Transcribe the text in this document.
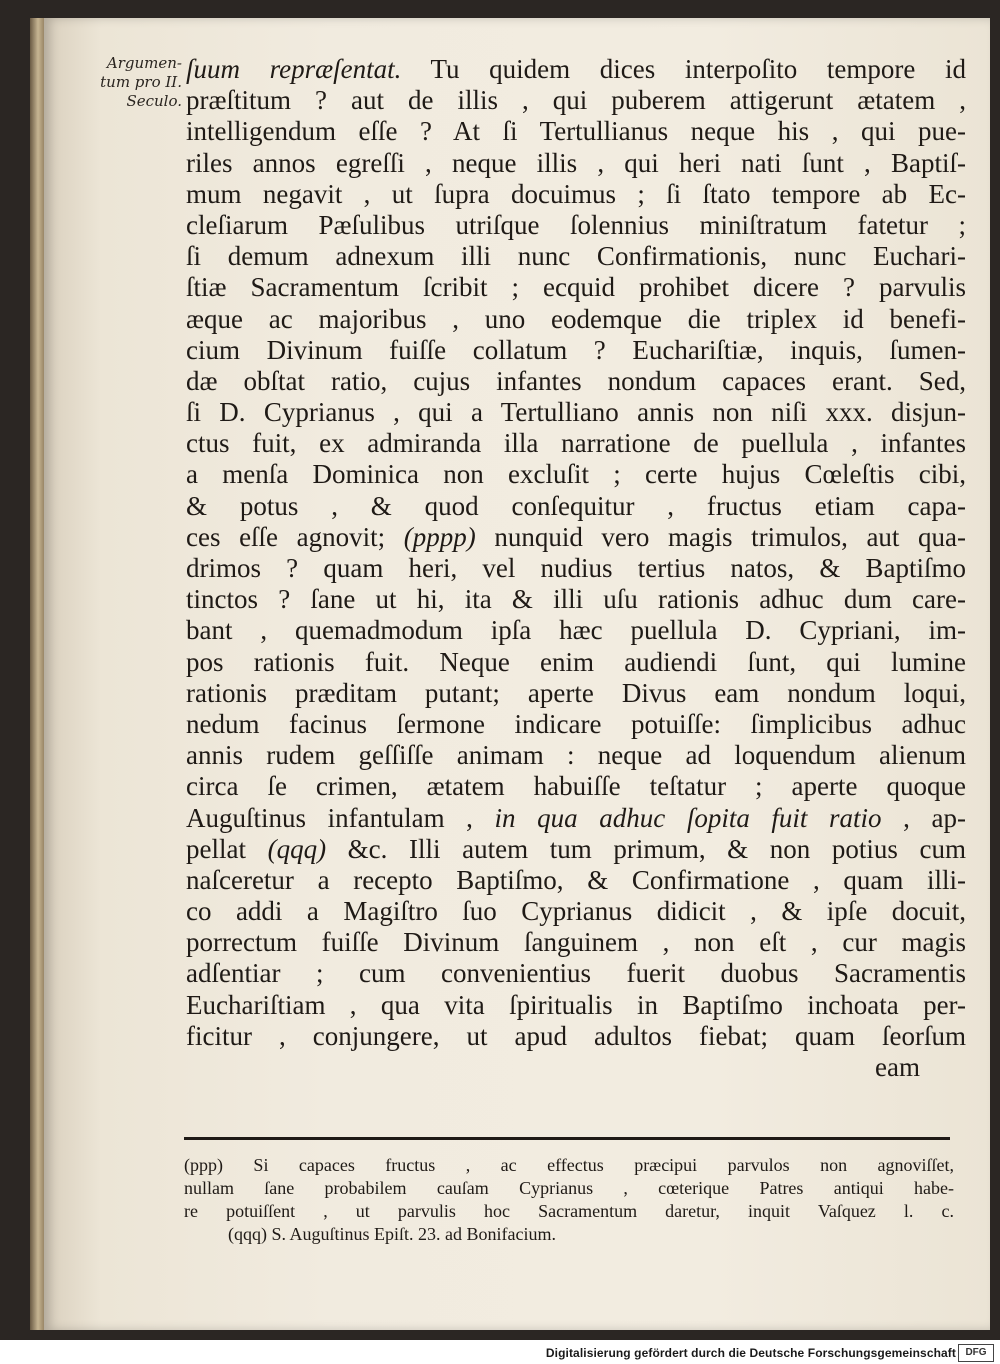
Argumen-
tum pro II.
Seculo.
ſuum repræſentat. Tu quidem dices interpoſito tempore id
præſtitum ? aut de illis , qui puberem attigerunt ætatem ,
intelligendum eſſe ? At ſi Tertullianus neque his , qui pue-
riles annos egreſſi , neque illis , qui heri nati ſunt , Baptiſ-
mum negavit , ut ſupra docuimus ; ſi ſtato tempore ab Ec-
cleſiarum Pæſulibus utriſque ſolennius miniſtratum fatetur ;
ſi demum adnexum illi nunc Confirmationis, nunc Euchari-
ſtiæ Sacramentum ſcribit ; ecquid prohibet dicere ? parvulis
æque ac majoribus , uno eodemque die triplex id benefi-
cium Divinum fuiſſe collatum ? Euchariſtiæ, inquis, ſumen-
dæ obſtat ratio, cujus infantes nondum capaces erant. Sed,
ſi D. Cyprianus , qui a Tertulliano annis non niſi xxx. disjun-
ctus fuit, ex admiranda illa narratione de puellula , infantes
a menſa Dominica non excluſit ; certe hujus Cœleſtis cibi,
& potus , & quod conſequitur , fructus etiam capa-
ces eſſe agnovit; (pppp) nunquid vero magis trimulos, aut qua-
drimos ? quam heri, vel nudius tertius natos, & Baptiſmo
tinctos ? ſane ut hi, ita & illi uſu rationis adhuc dum care-
bant , quemadmodum ipſa hæc puellula D. Cypriani, im-
pos rationis fuit. Neque enim audiendi ſunt, qui lumine
rationis præditam putant; aperte Divus eam nondum loqui,
nedum facinus ſermone indicare potuiſſe: ſimplicibus adhuc
annis rudem geſſiſſe animam : neque ad loquendum alienum
circa ſe crimen, ætatem habuiſſe teſtatur ; aperte quoque
Auguſtinus infantulam , in qua adhuc ſopita fuit ratio , ap-
pellat (qqq) &c. Illi autem tum primum, & non potius cum
naſceretur a recepto Baptiſmo, & Confirmatione , quam illi-
co addi a Magiſtro ſuo Cyprianus didicit , & ipſe docuit,
porrectum fuiſſe Divinum ſanguinem , non eſt , cur magis
adſentiar ; cum convenientius fuerit duobus Sacramentis
Euchariſtiam , qua vita ſpiritualis in Baptiſmo inchoata per-
ficitur , conjungere, ut apud adultos fiebat; quam ſeorſum
eam
(ppp) Si capaces fructus , ac effectus præcipui parvulos non agnoviſſet,
nullam ſane probabilem cauſam Cyprianus , cœterique Patres antiqui habe-
re potuiſſent , ut parvulis hoc Sacramentum daretur, inquit Vaſquez l. c.
(qqq) S. Auguſtinus Epiſt. 23. ad Bonifacium.
Digitalisierung gefördert durch die Deutsche Forschungsgemeinschaft DFG
